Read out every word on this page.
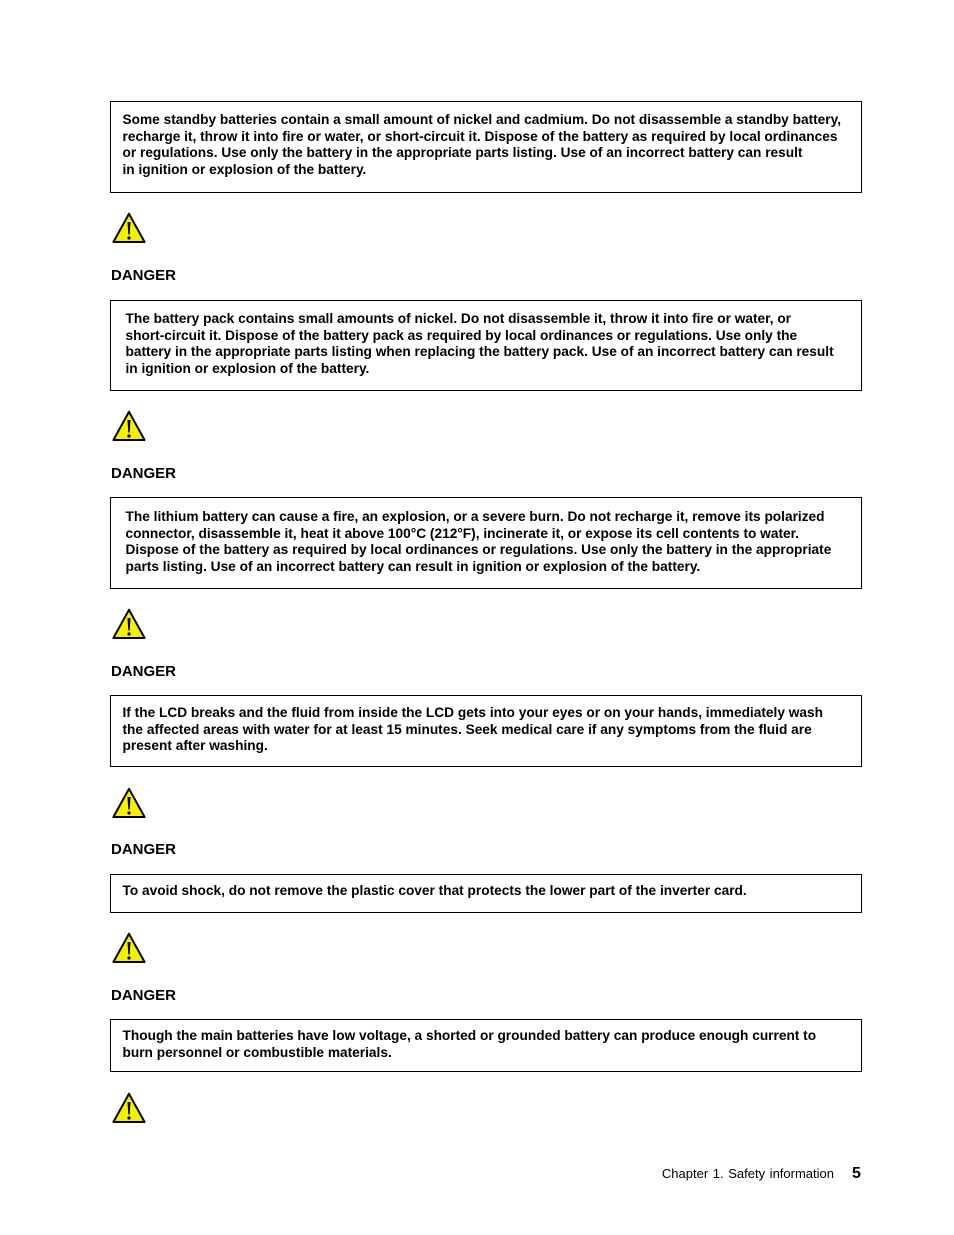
Some standby batteries contain a small amount of nickel and cadmium. Do not disassemble a standby battery,
recharge it, throw it into fire or water, or short-circuit it. Dispose of the battery as required by local ordinances
or regulations. Use only the battery in the appropriate parts listing. Use of an incorrect battery can result
in ignition or explosion of the battery.
DANGER
The battery pack contains small amounts of nickel. Do not disassemble it, throw it into fire or water, or
short-circuit it. Dispose of the battery pack as required by local ordinances or regulations. Use only the
battery in the appropriate parts listing when replacing the battery pack. Use of an incorrect battery can result
in ignition or explosion of the battery.
DANGER
The lithium battery can cause a fire, an explosion, or a severe burn. Do not recharge it, remove its polarized
connector, disassemble it, heat it above 100°C (212°F), incinerate it, or expose its cell contents to water.
Dispose of the battery as required by local ordinances or regulations. Use only the battery in the appropriate
parts listing. Use of an incorrect battery can result in ignition or explosion of the battery.
DANGER
If the LCD breaks and the fluid from inside the LCD gets into your eyes or on your hands, immediately wash
the affected areas with water for at least 15 minutes. Seek medical care if any symptoms from the fluid are
present after washing.
DANGER
To avoid shock, do not remove the plastic cover that protects the lower part of the inverter card.
DANGER
Though the main batteries have low voltage, a shorted or grounded battery can produce enough current to
burn personnel or combustible materials.
Chapter 1. Safety information 5
